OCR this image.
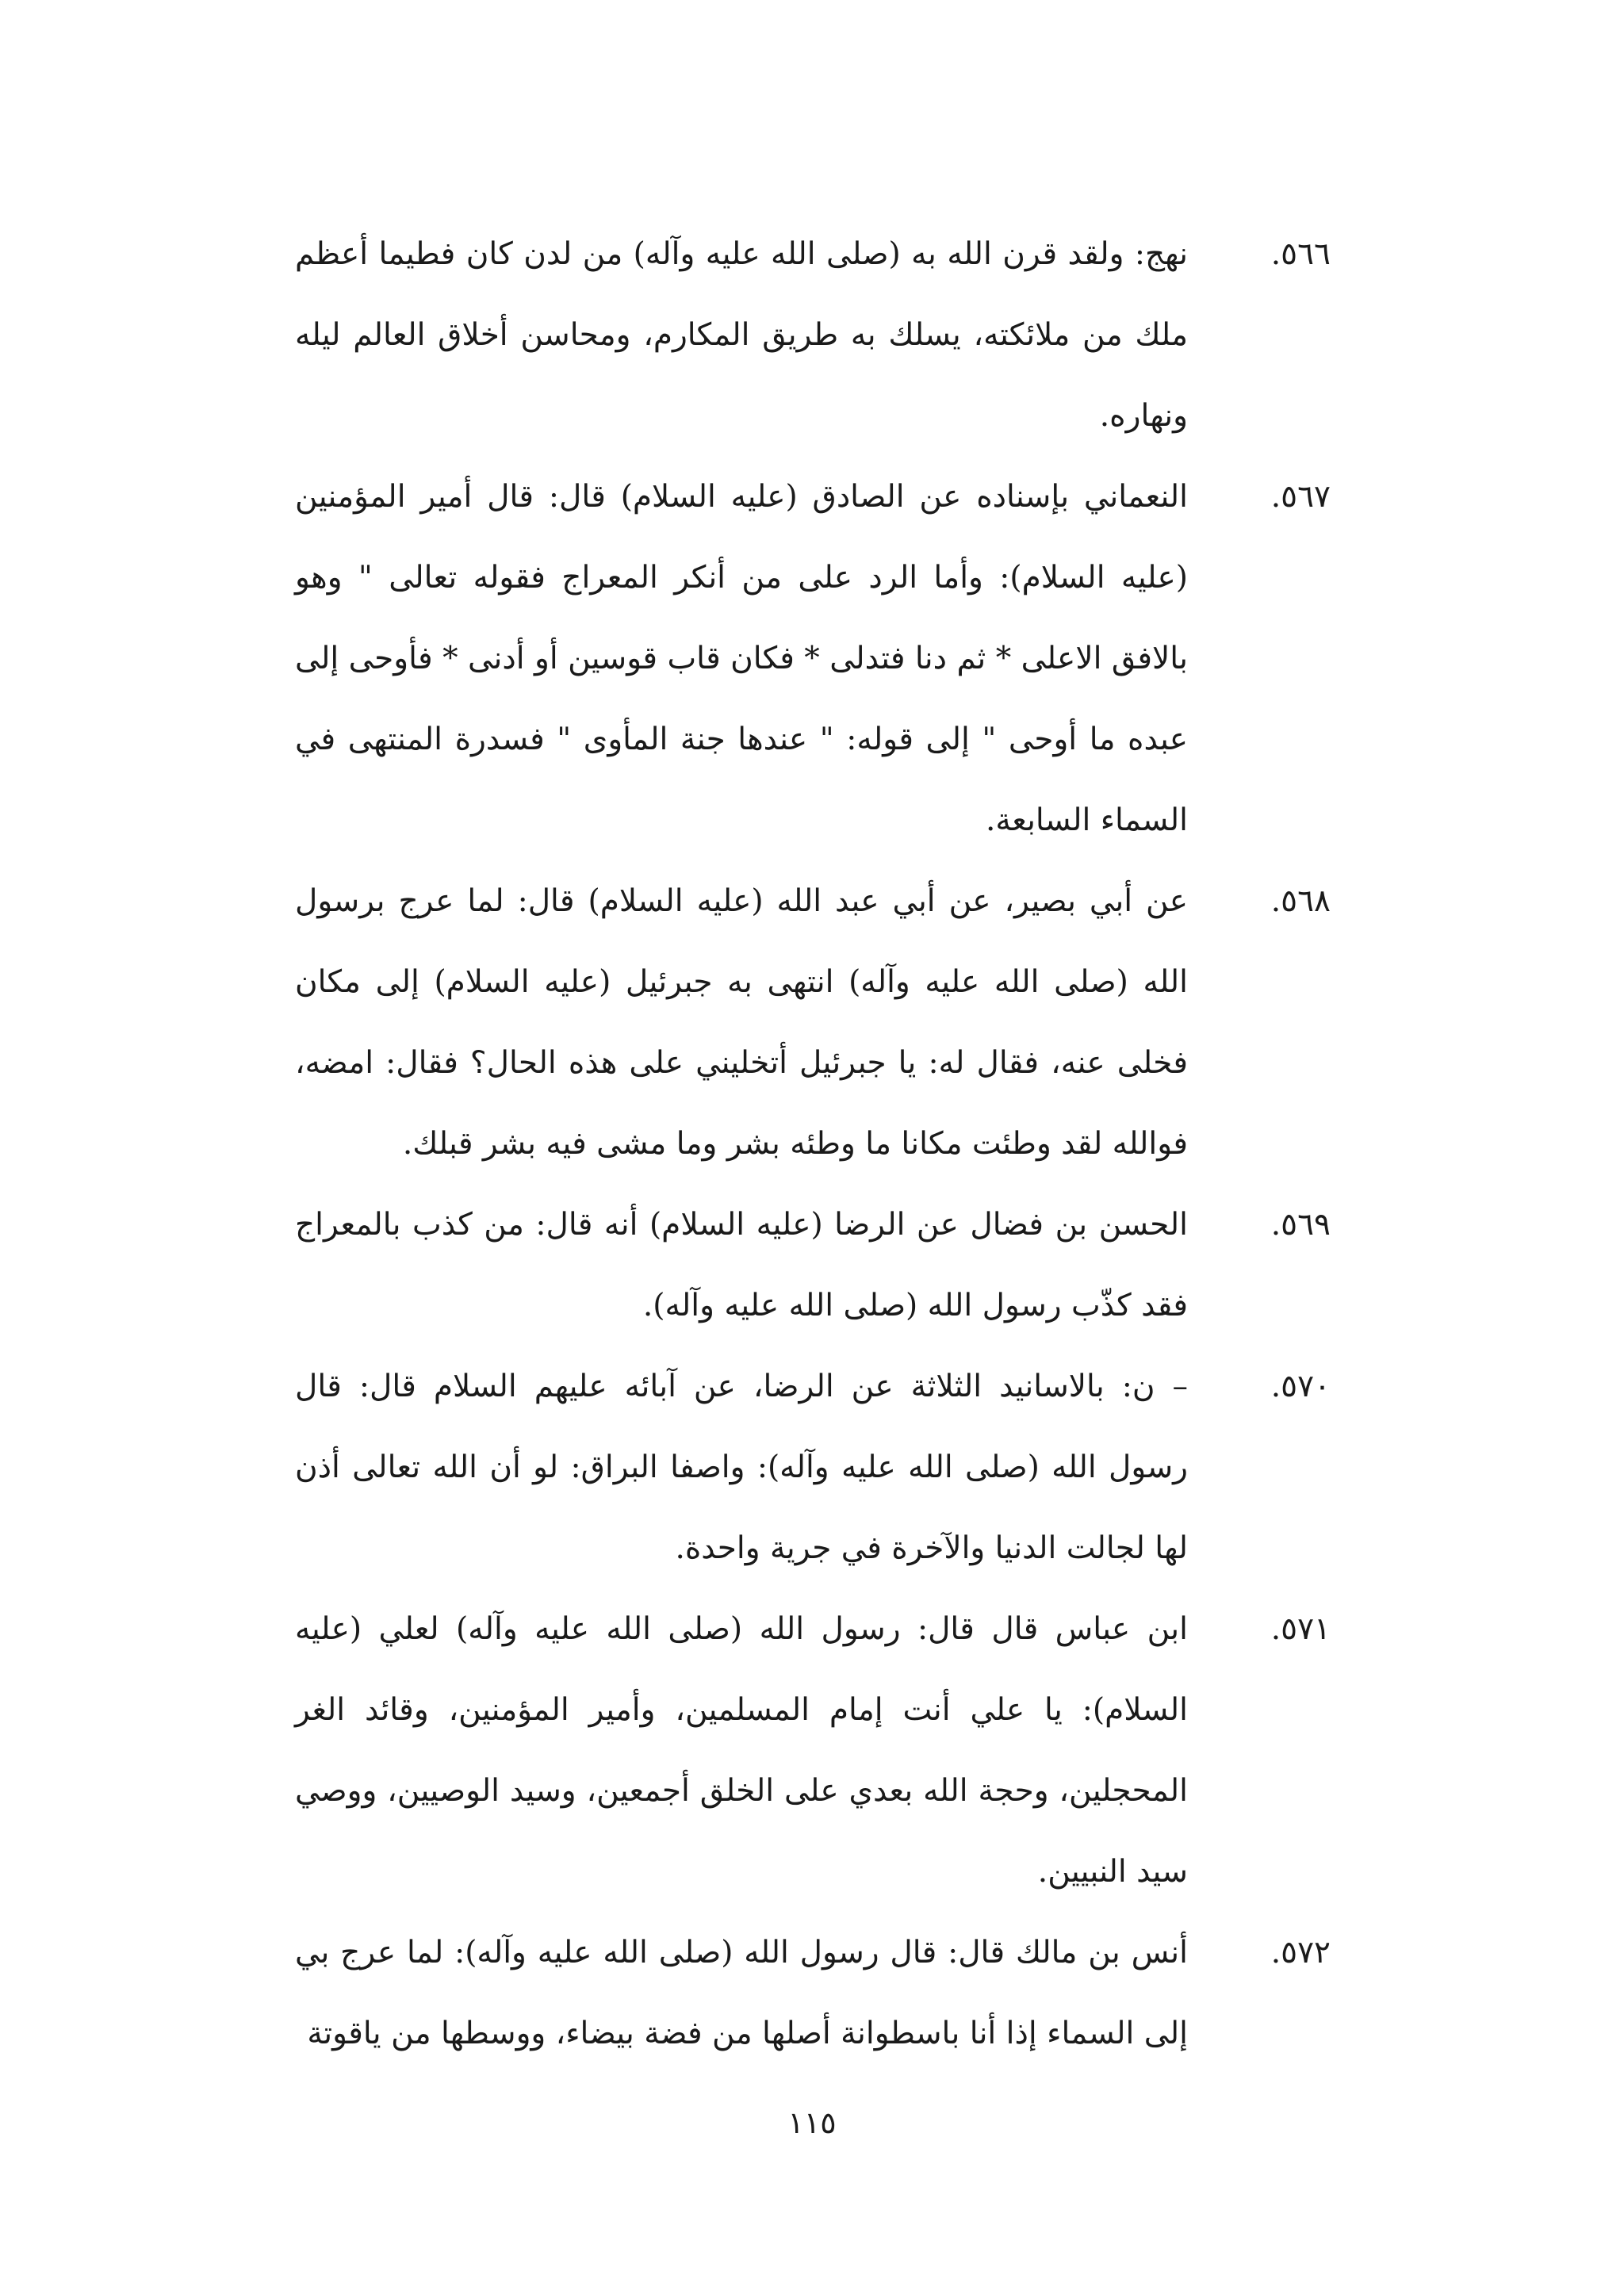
٥٦٦.
نهج: ولقد قرن الله به (صلى الله عليه وآله) من لدن كان فطيما أعظم ملك من ملائكته، يسلك به طريق المكارم، ومحاسن أخلاق العالم ليله ونهاره.

٥٦٧.
النعماني بإسناده عن الصادق (عليه السلام) قال: قال أمير المؤمنين (عليه السلام): وأما الرد على من أنكر المعراج فقوله تعالى " وهو بالافق الاعلى * ثم دنا فتدلى * فكان قاب قوسين أو أدنى * فأوحى إلى عبده ما أوحى " إلى قوله: " عندها جنة المأوى " فسدرة المنتهى في السماء السابعة.

٥٦٨.
عن أبي بصير، عن أبي عبد الله (عليه السلام) قال: لما عرج برسول الله (صلى الله عليه وآله) انتهى به جبرئيل (عليه السلام) إلى مكان فخلى عنه، فقال له: يا جبرئيل أتخليني على هذه الحال؟ فقال: امضه، فوالله لقد وطئت مكانا ما وطئه بشر وما مشى فيه بشر قبلك.

٥٦٩.
الحسن بن فضال عن الرضا (عليه السلام) أنه قال: من كذب بالمعراج فقد كذّب رسول الله (صلى الله عليه وآله).

٥٧٠.
– ن: بالاسانيد الثلاثة عن الرضا، عن آبائه عليهم السلام قال: قال رسول الله (صلى الله عليه وآله): واصفا البراق: لو أن الله تعالى أذن لها لجالت الدنيا والآخرة في جرية واحدة.

٥٧١.
ابن عباس قال قال: رسول الله (صلى الله عليه وآله) لعلي (عليه السلام): يا علي أنت إمام المسلمين، وأمير المؤمنين، وقائد الغر المحجلين، وحجة الله بعدي على الخلق أجمعين، وسيد الوصيين، ووصي سيد النبيين.

٥٧٢.
أنس بن مالك قال: قال رسول الله (صلى الله عليه وآله): لما عرج بي إلى السماء إذا أنا باسطوانة أصلها من فضة بيضاء، ووسطها من ياقوتة

١١٥
